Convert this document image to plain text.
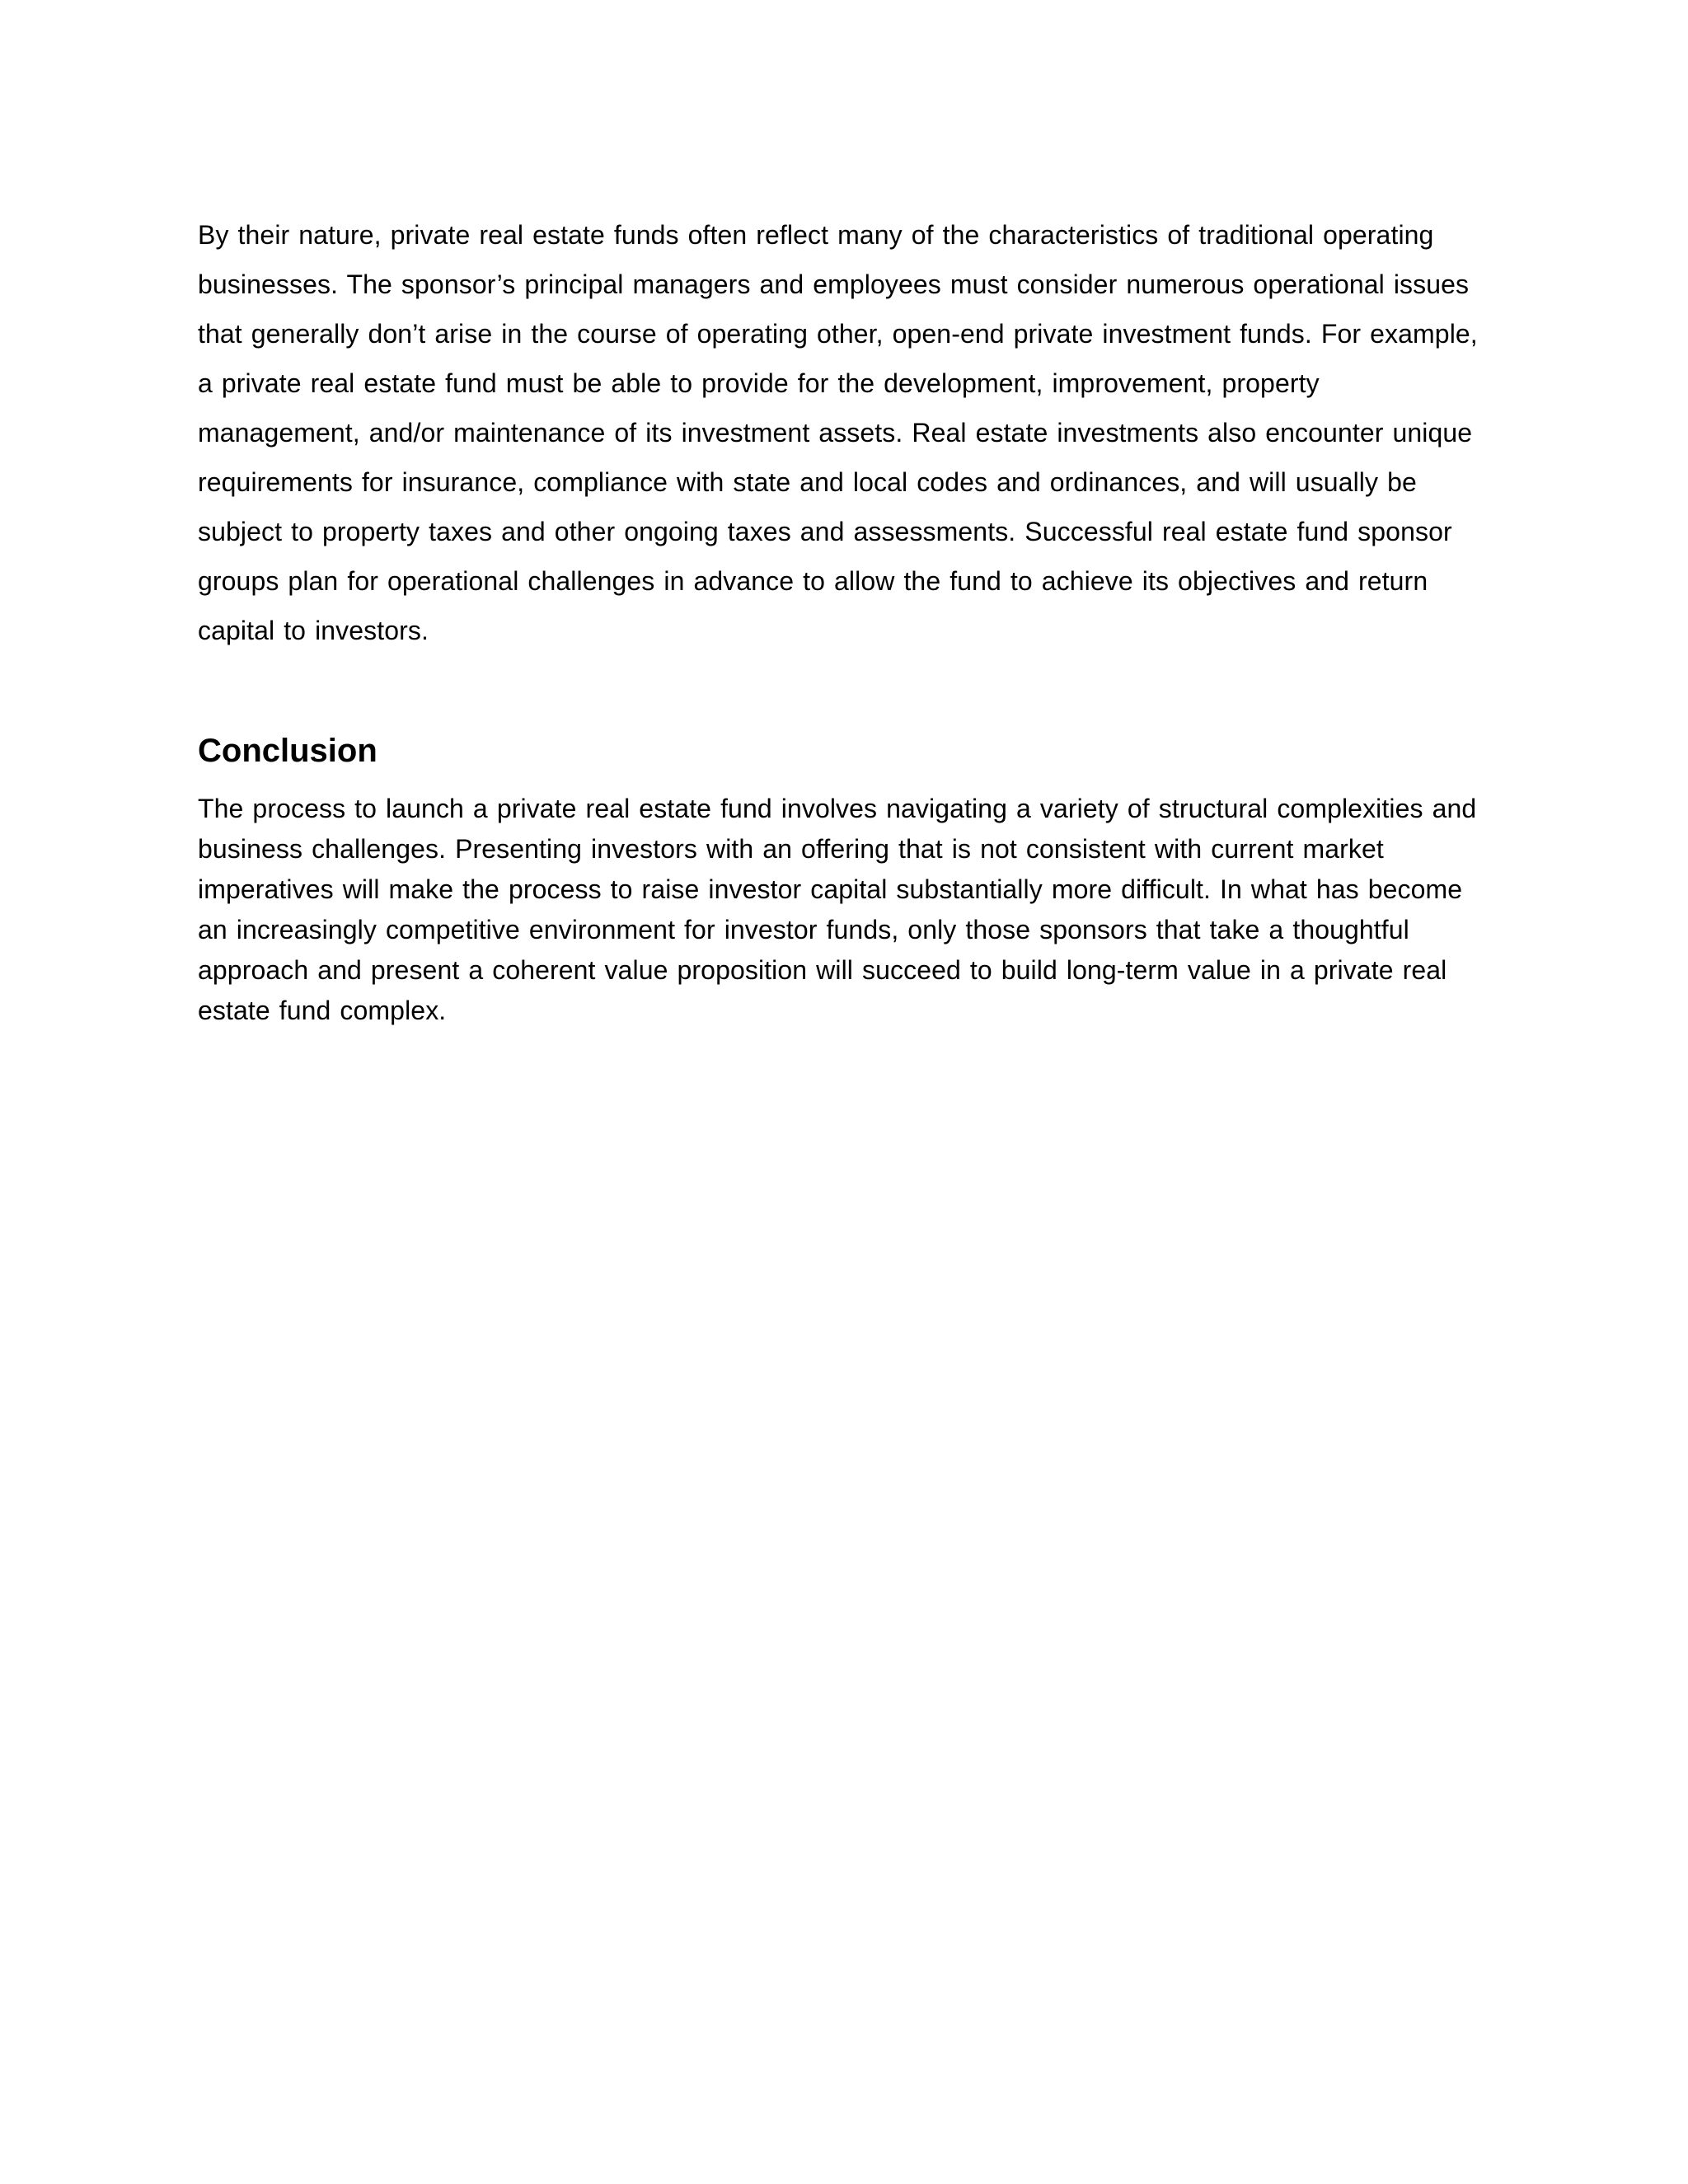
By their nature, private real estate funds often reflect many of the characteristics of traditional operating businesses. The sponsor’s principal managers and employees must consider numerous operational issues that generally don’t arise in the course of operating other, open-end private investment funds. For example, a private real estate fund must be able to provide for the development, improvement, property management, and/or maintenance of its investment assets. Real estate investments also encounter unique requirements for insurance, compliance with state and local codes and ordinances, and will usually be subject to property taxes and other ongoing taxes and assessments. Successful real estate fund sponsor groups plan for operational challenges in advance to allow the fund to achieve its objectives and return capital to investors.

Conclusion

The process to launch a private real estate fund involves navigating a variety of structural complexities and business challenges. Presenting investors with an offering that is not consistent with current market imperatives will make the process to raise investor capital substantially more difficult. In what has become an increasingly competitive environment for investor funds, only those sponsors that take a thoughtful approach and present a coherent value proposition will succeed to build long-term value in a private real estate fund complex.
